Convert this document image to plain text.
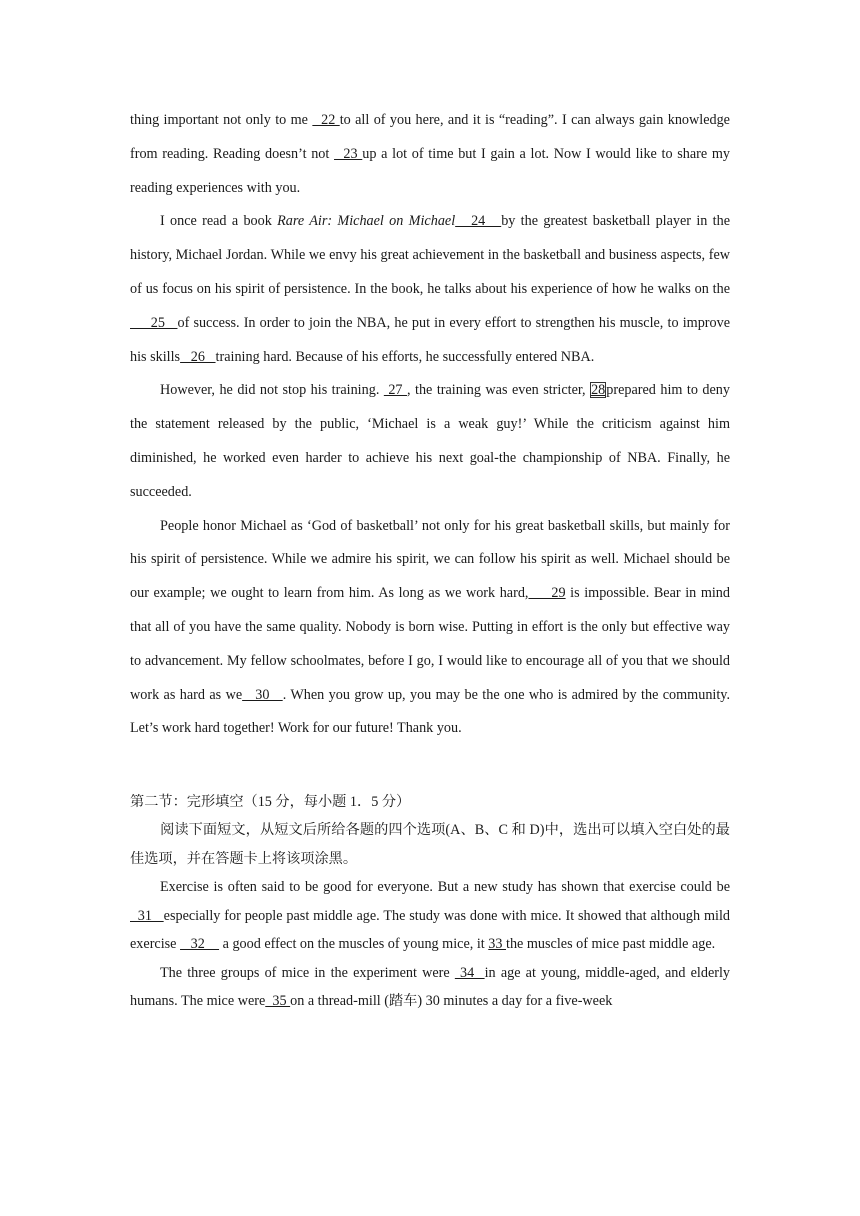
thing important not only to me   22 to all of you here, and it is “reading”. I can always gain knowledge from reading. Reading doesn’t not   23 up a lot of time but I gain a lot. Now I would like to share my reading experiences with you.

I once read a book Rare Air: Michael on Michael   24   by the greatest basketball player in the history, Michael Jordan. While we envy his great achievement in the basketball and business aspects, few of us focus on his spirit of persistence. In the book, he talks about his experience of how he walks on the     25   of success. In order to join the NBA, he put in every effort to strengthen his muscle, to improve his skills   26   training hard. Because of his efforts, he successfully entered NBA.

However, he did not stop his training.  27 , the training was even stricter, 28prepared him to deny the statement released by the public, ‘Michael is a weak guy!’ While the criticism against him diminished, he worked even harder to achieve his next goal-the championship of NBA. Finally, he succeeded.

People honor Michael as ‘God of basketball’ not only for his great basketball skills, but mainly for his spirit of persistence. While we admire his spirit, we can follow his spirit as well. Michael should be our example; we ought to learn from him. As long as we work hard,     29 is impossible. Bear in mind that all of you have the same quality. Nobody is born wise. Putting in effort is the only but effective way to advancement. My fellow schoolmates, before I go, I would like to encourage all of you that we should work as hard as we   30   . When you grow up, you may be the one who is admired by the community. Let’s work hard together! Work for our future! Thank you.

第二节：完形填空（15 分，每小题 1．5 分）

阅读下面短文，从短文后所给各题的四个选项(A、B、C 和 D)中，选出可以填入空白处的最佳选项，并在答题卡上将该项涂黑。

Exercise is often said to be good for everyone. But a new study has shown that exercise could be   31   especially for people past middle age. The study was done with mice. It showed that although mild exercise    32     a good effect on the muscles of young mice, it 33 the muscles of mice past middle age.

The three groups of mice in the experiment were  34  in age at young, middle-aged, and elderly humans. The mice were  35 on a thread-mill (踏车) 30 minutes a day for a five-week
